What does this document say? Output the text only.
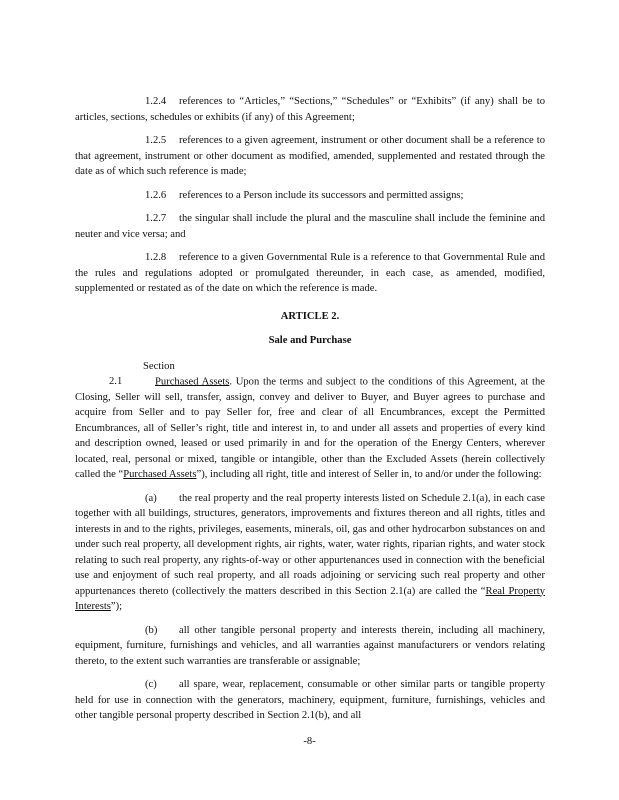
1.2.4 references to “Articles,” “Sections,” “Schedules” or “Exhibits” (if any) shall be to articles, sections, schedules or exhibits (if any) of this Agreement;

1.2.5 references to a given agreement, instrument or other document shall be a reference to that agreement, instrument or other document as modified, amended, supplemented and restated through the date as of which such reference is made;

1.2.6 references to a Person include its successors and permitted assigns;

1.2.7 the singular shall include the plural and the masculine shall include the feminine and neuter and vice versa; and

1.2.8 reference to a given Governmental Rule is a reference to that Governmental Rule and the rules and regulations adopted or promulgated thereunder, in each case, as amended, modified, supplemented or restated as of the date on which the reference is made.

ARTICLE 2.

Sale and Purchase

Section 2.1	Purchased Assets. Upon the terms and subject to the conditions of this Agreement, at the Closing, Seller will sell, transfer, assign, convey and deliver to Buyer, and Buyer agrees to purchase and acquire from Seller and to pay Seller for, free and clear of all Encumbrances, except the Permitted Encumbrances, all of Seller’s right, title and interest in, to and under all assets and properties of every kind and description owned, leased or used primarily in and for the operation of the Energy Centers, wherever located, real, personal or mixed, tangible or intangible, other than the Excluded Assets (herein collectively called the “Purchased Assets”), including all right, title and interest of Seller in, to and/or under the following:

(a) the real property and the real property interests listed on Schedule 2.1(a), in each case together with all buildings, structures, generators, improvements and fixtures thereon and all rights, titles and interests in and to the rights, privileges, easements, minerals, oil, gas and other hydrocarbon substances on and under such real property, all development rights, air rights, water, water rights, riparian rights, and water stock relating to such real property, any rights-of-way or other appurtenances used in connection with the beneficial use and enjoyment of such real property, and all roads adjoining or servicing such real property and other appurtenances thereto (collectively the matters described in this Section 2.1(a) are called the “Real Property Interests”);

(b) all other tangible personal property and interests therein, including all machinery, equipment, furniture, furnishings and vehicles, and all warranties against manufacturers or vendors relating thereto, to the extent such warranties are transferable or assignable;

(c) all spare, wear, replacement, consumable or other similar parts or tangible property held for use in connection with the generators, machinery, equipment, furniture, furnishings, vehicles and other tangible personal property described in Section 2.1(b), and all

-8-
